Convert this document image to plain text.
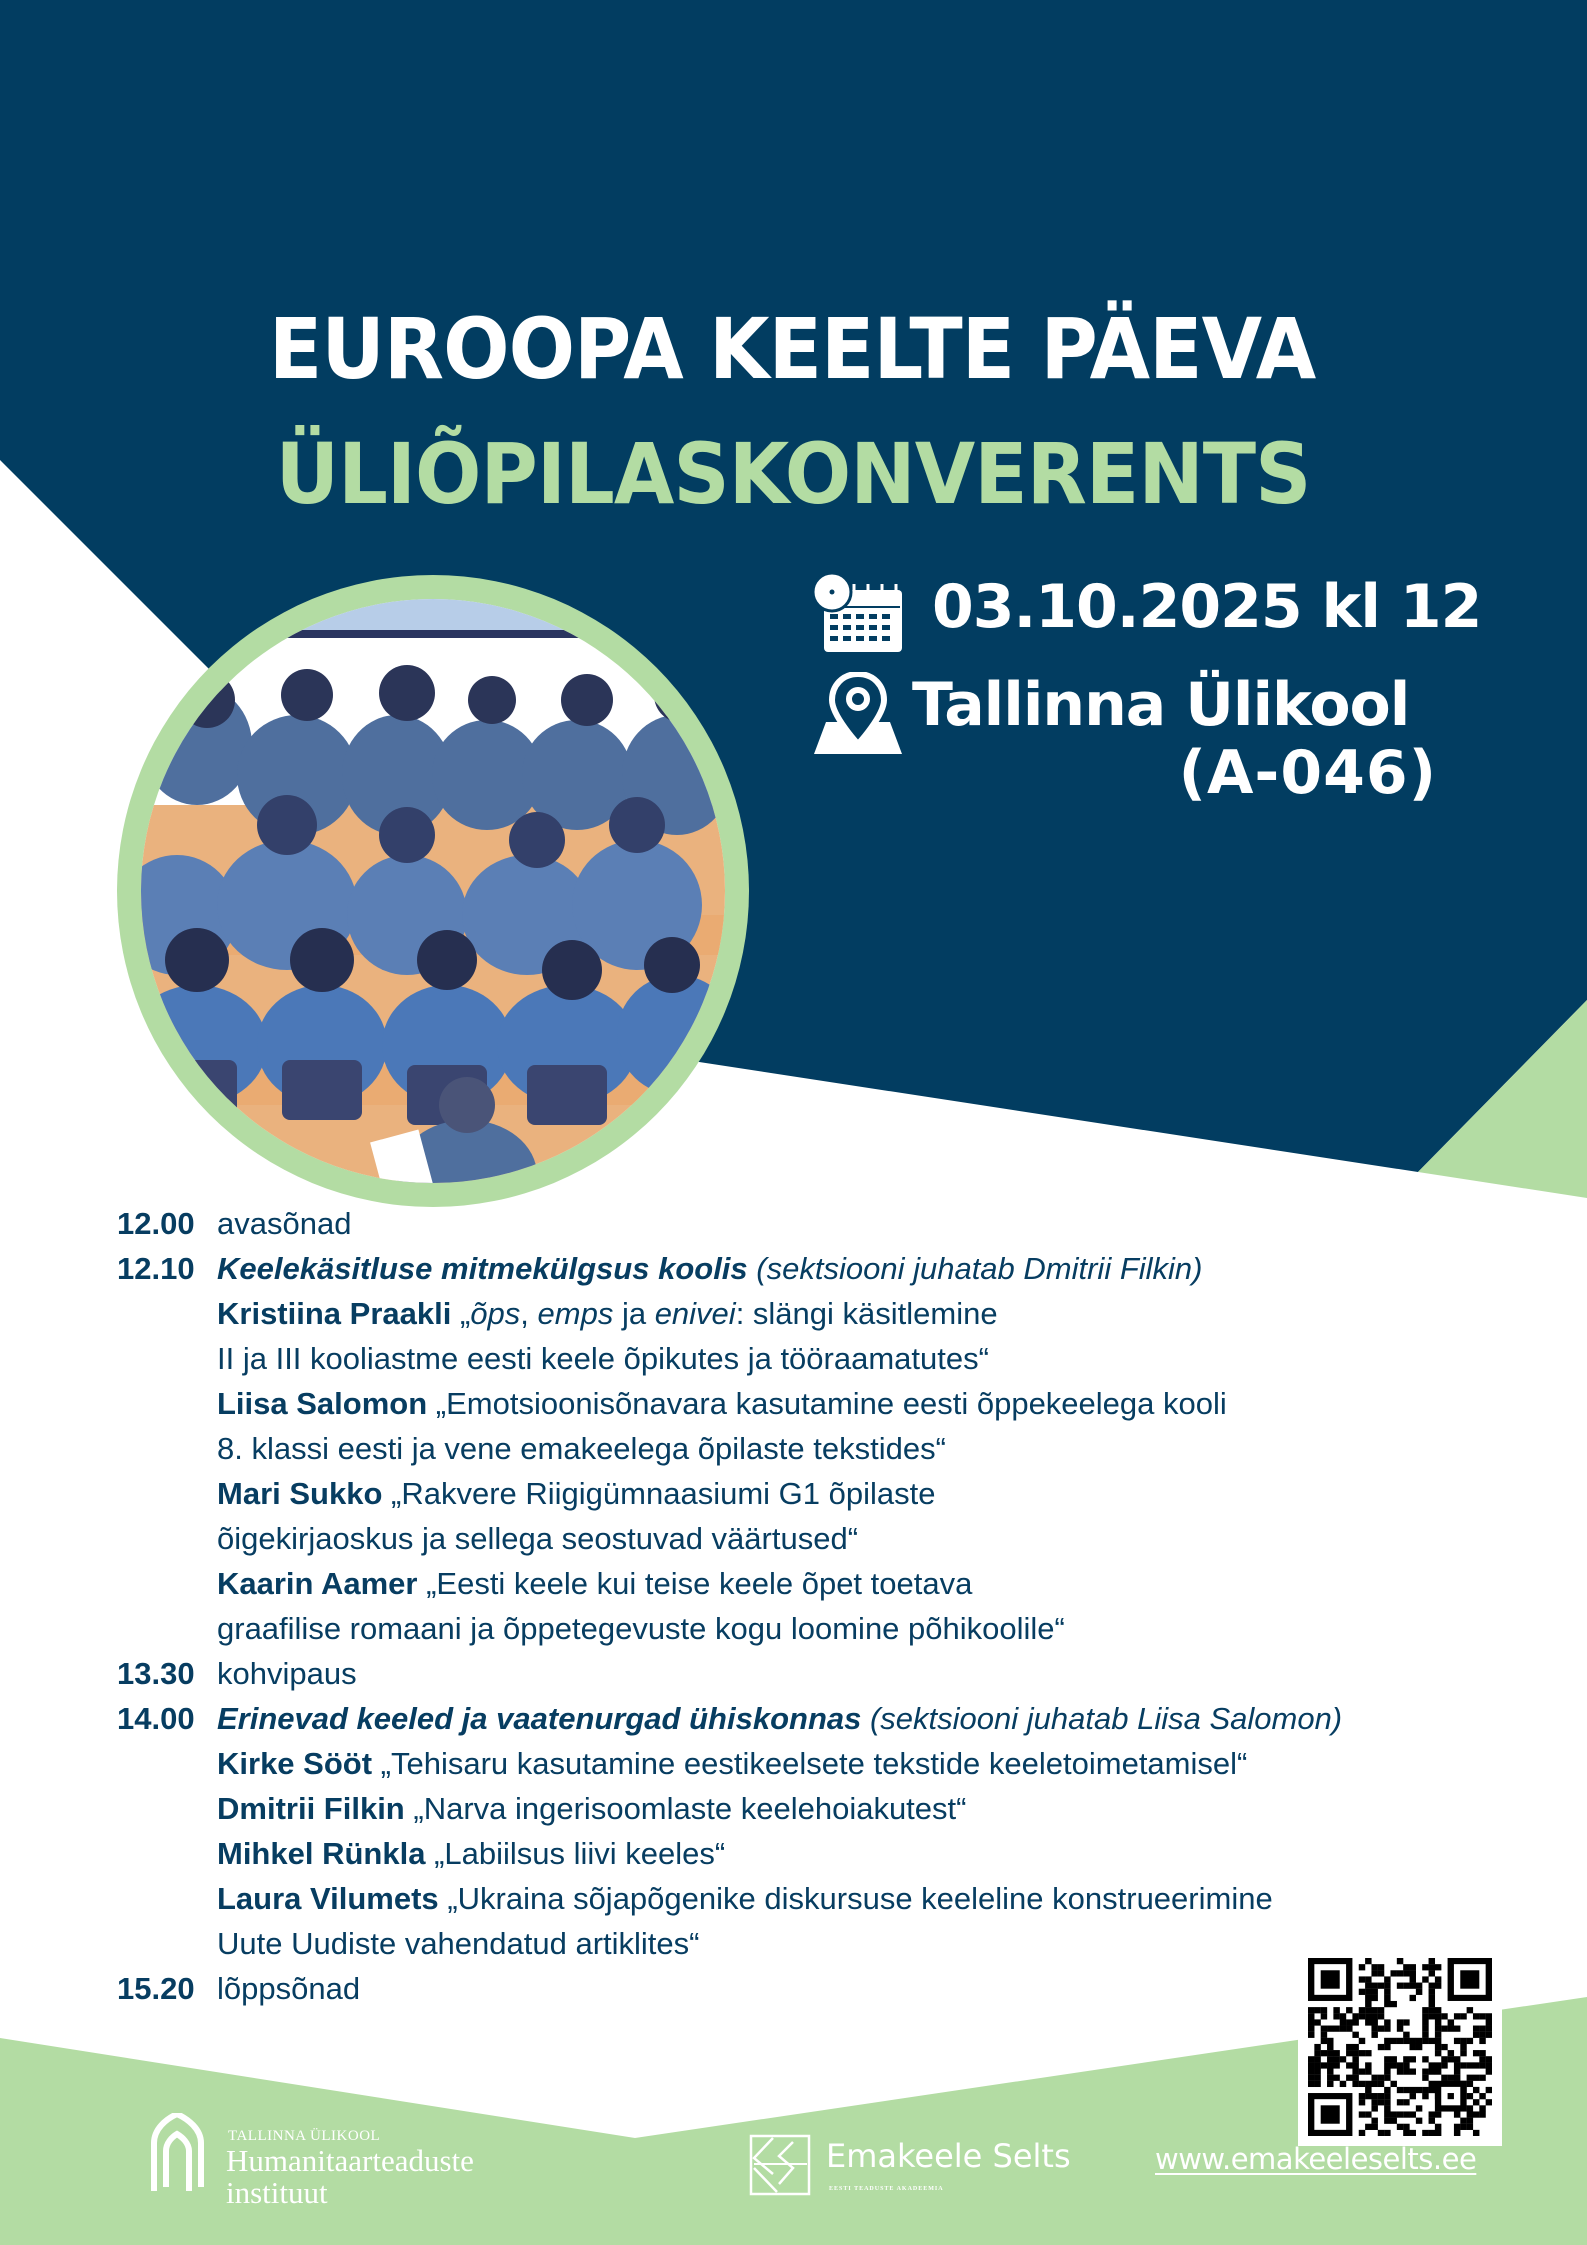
EUROOPA KEELTE PÄEVA
ÜLIÕPILASKONVERENTS
03.10.2025 kl 12
Tallinna Ülikool
(A-046)
12.00 avasõnad
12.10 Keelekäsitluse mitmekülgsus koolis (sektsiooni juhatab Dmitrii Filkin)
Kristiina Praakli „õps, emps ja enivei: slängi käsitlemine
II ja III kooliastme eesti keele õpikutes ja tööraamatutes“
Liisa Salomon „Emotsioonisõnavara kasutamine eesti õppekeelega kooli
8. klassi eesti ja vene emakeelega õpilaste tekstides“
Mari Sukko „Rakvere Riigigümnaasiumi G1 õpilaste
õigekirjaoskus ja sellega seostuvad väärtused“
Kaarin Aamer „Eesti keele kui teise keele õpet toetava
graafilise romaani ja õppetegevuste kogu loomine põhikoolile“
13.30 kohvipaus
14.00 Erinevad keeled ja vaatenurgad ühiskonnas (sektsiooni juhatab Liisa Salomon)
Kirke Sööt „Tehisaru kasutamine eestikeelsete tekstide keeletoimetamisel“
Dmitrii Filkin „Narva ingerisoomlaste keelehoiakutest“
Mihkel Rünkla „Labiilsus liivi keeles“
Laura Vilumets „Ukraina sõjapõgenike diskursuse keeleline konstrueerimine
Uute Uudiste vahendatud artiklites“
15.20 lõppsõnad
TALLINNA ÜLIKOOL
Humanitaarteaduste
instituut
Emakeele Selts
EESTI TEADUSTE AKADEEMIA
www.emakeeleselts.ee
